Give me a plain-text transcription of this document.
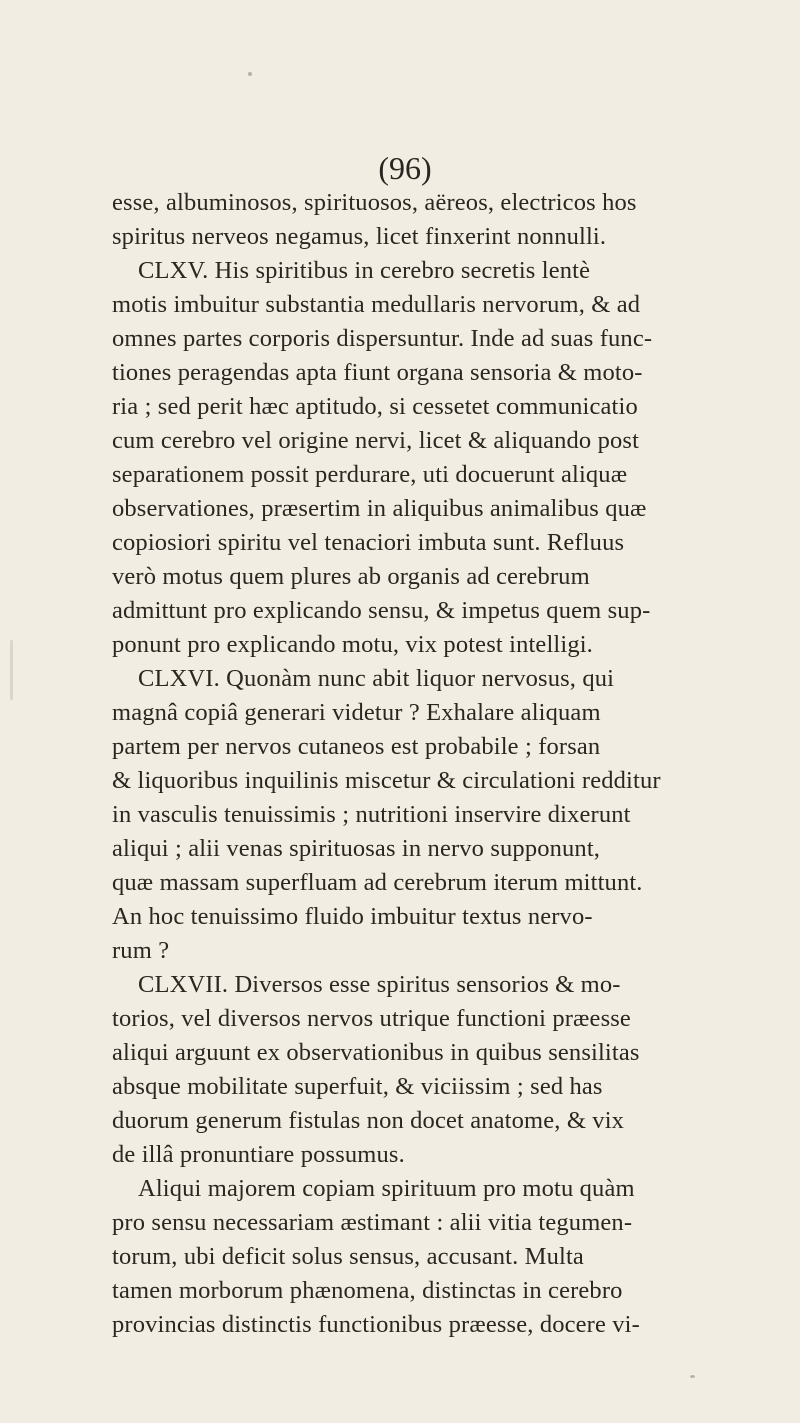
(96)
esse, albuminosos, spirituosos, aëreos, electricos hos
spiritus nerveos negamus, licet finxerint nonnulli.
CLXV. His spiritibus in cerebro secretis lentè
motis imbuitur substantia medullaris nervorum, & ad
omnes partes corporis dispersuntur. Inde ad suas func-
tiones peragendas apta fiunt organa sensoria & moto-
ria ; sed perit hæc aptitudo, si cessetet communicatio
cum cerebro vel origine nervi, licet & aliquando post
separationem possit perdurare, uti docuerunt aliquæ
observationes, præsertim in aliquibus animalibus quæ
copiosiori spiritu vel tenaciori imbuta sunt. Refluus
verò motus quem plures ab organis ad cerebrum
admittunt pro explicando sensu, & impetus quem sup-
ponunt pro explicando motu, vix potest intelligi.
CLXVI. Quonàm nunc abit liquor nervosus, qui
magnâ copiâ generari videtur ? Exhalare aliquam
partem per nervos cutaneos est probabile ; forsan
& liquoribus inquilinis miscetur & circulationi redditur
in vasculis tenuissimis ; nutritioni inservire dixerunt
aliqui ; alii venas spirituosas in nervo supponunt,
quæ massam superfluam ad cerebrum iterum mittunt.
An hoc tenuissimo fluido imbuitur textus nervo-
rum ?
CLXVII. Diversos esse spiritus sensorios & mo-
torios, vel diversos nervos utrique functioni præesse
aliqui arguunt ex observationibus in quibus sensilitas
absque mobilitate superfuit, & viciissim ; sed has
duorum generum fistulas non docet anatome, & vix
de illâ pronuntiare possumus.
Aliqui majorem copiam spirituum pro motu quàm
pro sensu necessariam æstimant : alii vitia tegumen-
torum, ubi deficit solus sensus, accusant. Multa
tamen morborum phænomena, distinctas in cerebro
provincias distinctis functionibus præesse, docere vi-
